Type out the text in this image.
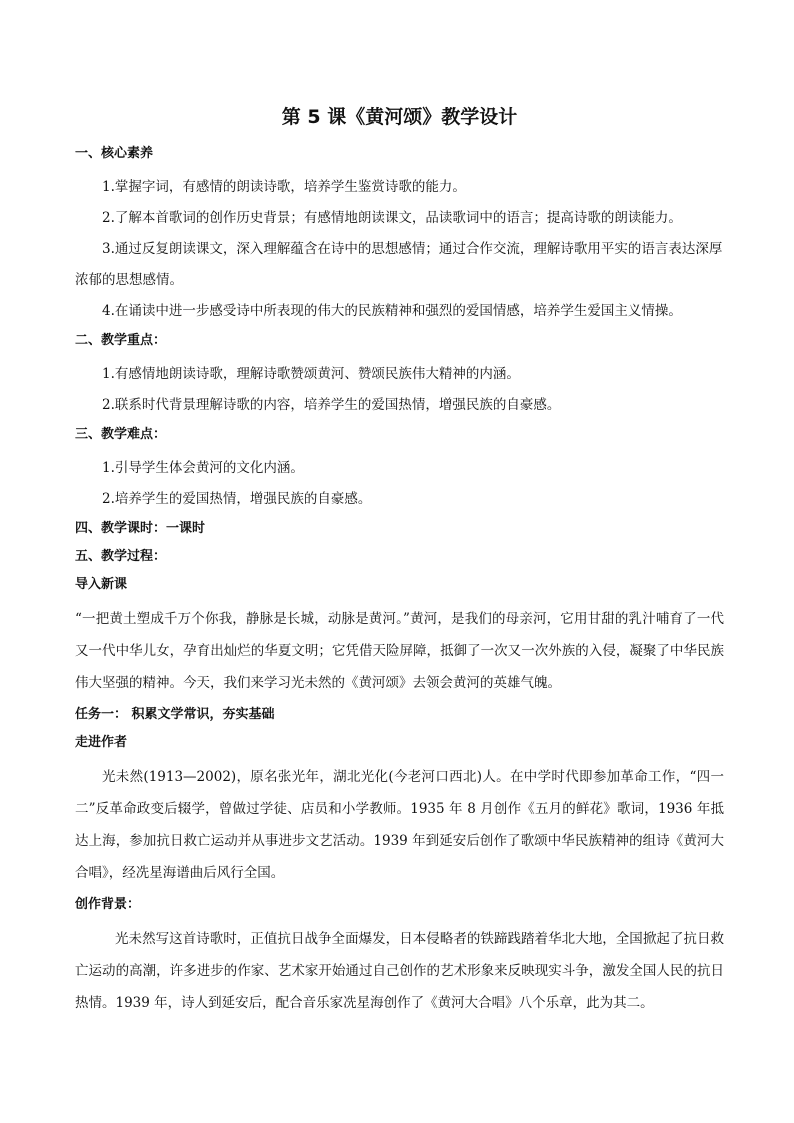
第 5 课《黄河颂》教学设计
一、核心素养

1.掌握字词，有感情的朗读诗歌，培养学生鉴赏诗歌的能力。

2.了解本首歌词的创作历史背景；有感情地朗读课文，品读歌词中的语言；提高诗歌的朗读能力。

3.通过反复朗读课文，深入理解蕴含在诗中的思想感情；通过合作交流，理解诗歌用平实的语言表达深厚浓郁的思想感情。

4.在诵读中进一步感受诗中所表现的伟大的民族精神和强烈的爱国情感，培养学生爱国主义情操。

二、教学重点：

1.有感情地朗读诗歌，理解诗歌赞颂黄河、赞颂民族伟大精神的内涵。

2.联系时代背景理解诗歌的内容，培养学生的爱国热情，增强民族的自豪感。

三、教学难点：

1.引导学生体会黄河的文化内涵。

2.培养学生的爱国热情，增强民族的自豪感。

四、教学课时：一课时
五、教学过程：
导入新课

“一把黄土塑成千万个你我，静脉是长城，动脉是黄河。”黄河，是我们的母亲河，它用甘甜的乳汁哺育了一代又一代中华儿女，孕育出灿烂的华夏文明；它凭借天险屏障，抵御了一次又一次外族的入侵，凝聚了中华民族伟大坚强的精神。今天，我们来学习光未然的《黄河颂》去领会黄河的英雄气魄。

任务一： 积累文学常识，夯实基础
走进作者

光未然(1913—2002)，原名张光年，湖北光化(今老河口西北)人。在中学时代即参加革命工作，“四一二”反革命政变后辍学，曾做过学徒、店员和小学教师。1935 年 8 月创作《五月的鲜花》歌词，1936 年抵达上海，参加抗日救亡运动并从事进步文艺活动。1939 年到延安后创作了歌颂中华民族精神的组诗《黄河大合唱》，经冼星海谱曲后风行全国。

创作背景：

光未然写这首诗歌时，正值抗日战争全面爆发，日本侵略者的铁蹄践踏着华北大地，全国掀起了抗日救亡运动的高潮，许多进步的作家、艺术家开始通过自己创作的艺术形象来反映现实斗争，激发全国人民的抗日热情。1939 年，诗人到延安后，配合音乐家冼星海创作了《黄河大合唱》八个乐章，此为其二。
